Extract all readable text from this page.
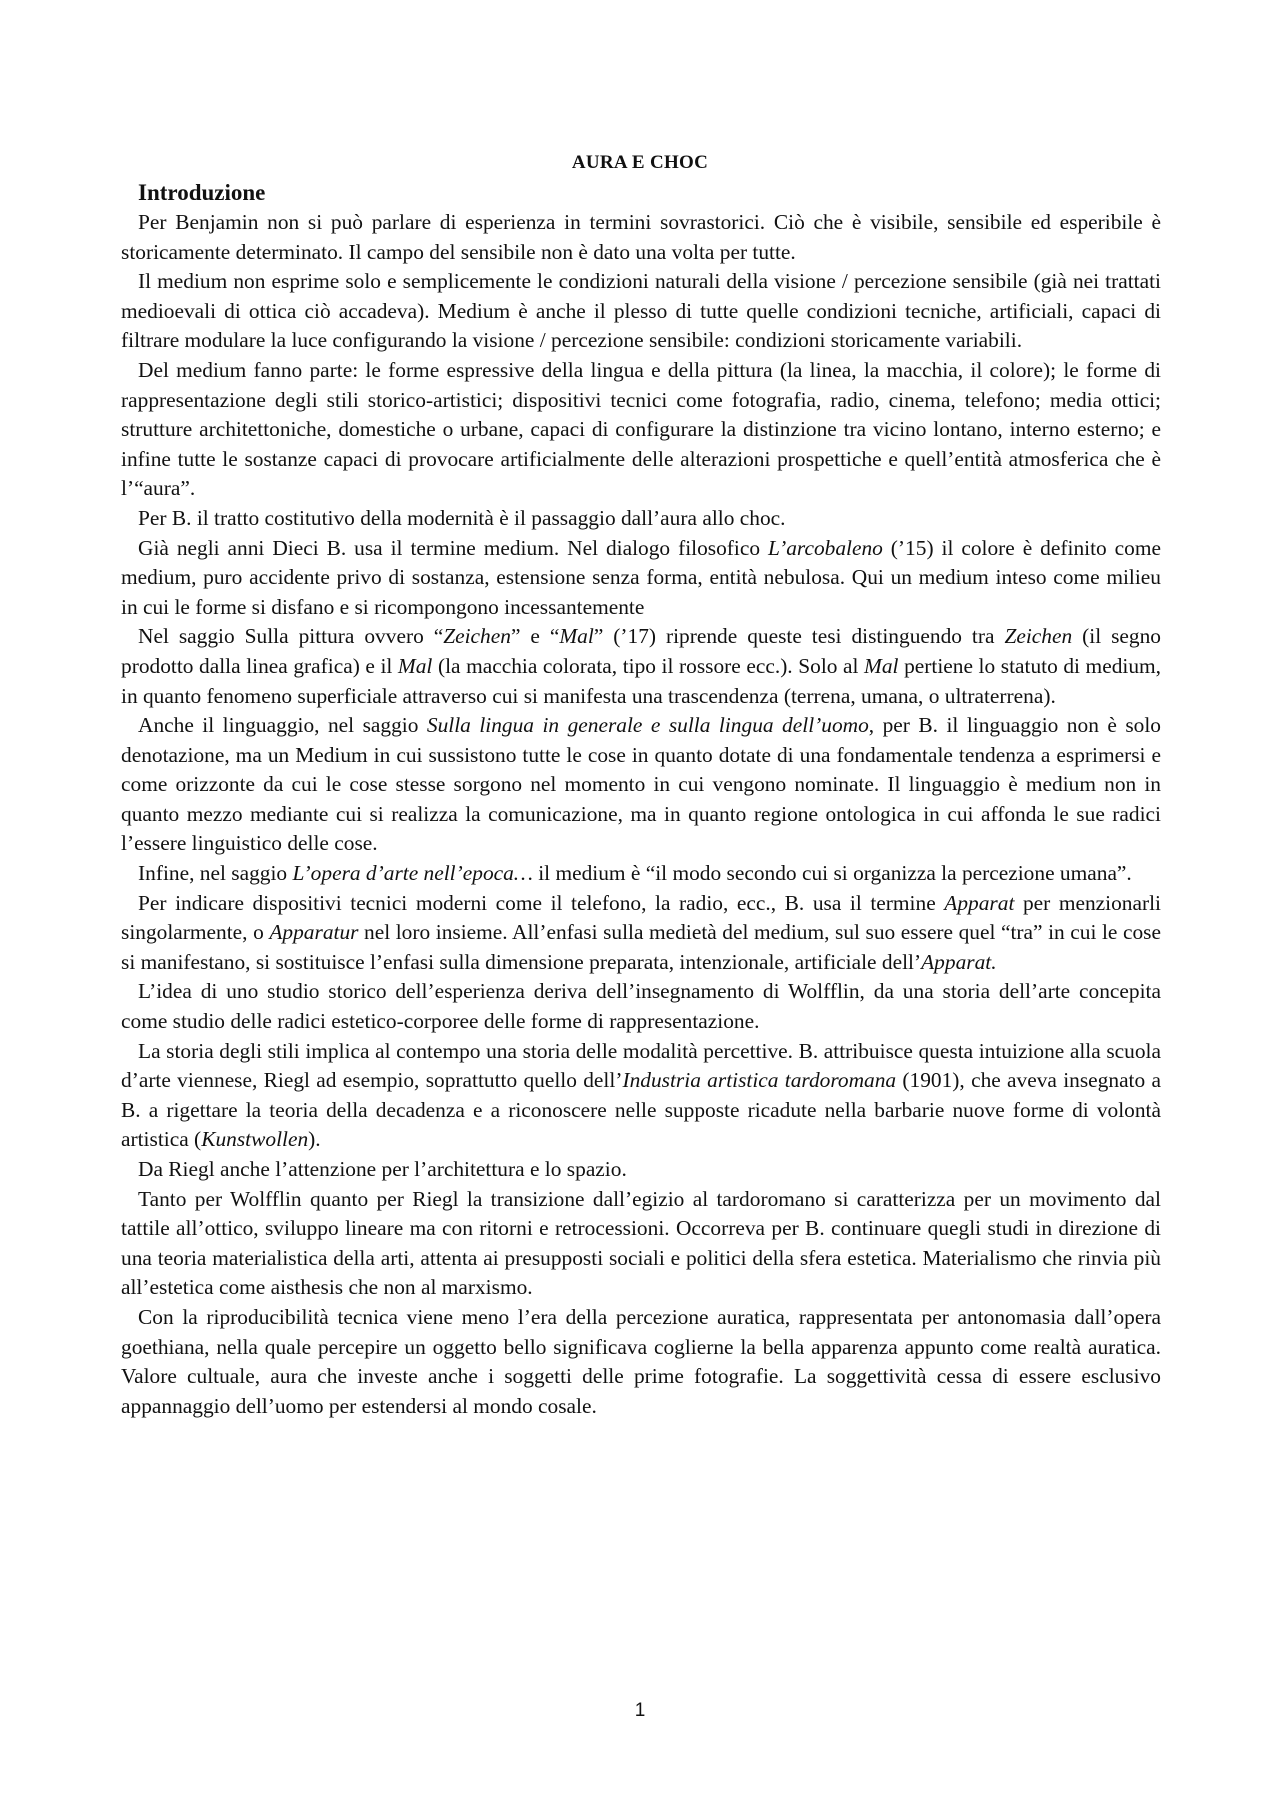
AURA E CHOC
Introduzione

Per Benjamin non si può parlare di esperienza in termini sovrastorici. Ciò che è visibile, sensibile ed esperibile è storicamente determinato. Il campo del sensibile non è dato una volta per tutte.

Il medium non esprime solo e semplicemente le condizioni naturali della visione / percezione sensibile (già nei trattati medioevali di ottica ciò accadeva). Medium è anche il plesso di tutte quelle condizioni tecniche, artificiali, capaci di filtrare modulare la luce configurando la visione / percezione sensibile: condizioni storicamente variabili.

Del medium fanno parte: le forme espressive della lingua e della pittura (la linea, la macchia, il colore); le forme di rappresentazione degli stili storico-artistici; dispositivi tecnici come fotografia, radio, cinema, telefono; media ottici; strutture architettoniche, domestiche o urbane, capaci di configurare la distinzione tra vicino lontano, interno esterno; e infine tutte le sostanze capaci di provocare artificialmente delle alterazioni prospettiche e quell’entità atmosferica che è l’“aura”.

Per B. il tratto costitutivo della modernità è il passaggio dall’aura allo choc.

Già negli anni Dieci B. usa il termine medium. Nel dialogo filosofico L’arcobaleno (’15) il colore è definito come medium, puro accidente privo di sostanza, estensione senza forma, entità nebulosa. Qui un medium inteso come milieu in cui le forme si disfano e si ricompongono incessantemente

Nel saggio Sulla pittura ovvero “Zeichen” e “Mal” (’17) riprende queste tesi distinguendo tra Zeichen (il segno prodotto dalla linea grafica) e il Mal (la macchia colorata, tipo il rossore ecc.). Solo al Mal pertiene lo statuto di medium, in quanto fenomeno superficiale attraverso cui si manifesta una trascendenza (terrena, umana, o ultraterrena).

Anche il linguaggio, nel saggio Sulla lingua in generale e sulla lingua dell’uomo, per B. il linguaggio non è solo denotazione, ma un Medium in cui sussistono tutte le cose in quanto dotate di una fondamentale tendenza a esprimersi e come orizzonte da cui le cose stesse sorgono nel momento in cui vengono nominate. Il linguaggio è medium non in quanto mezzo mediante cui si realizza la comunicazione, ma in quanto regione ontologica in cui affonda le sue radici l’essere linguistico delle cose.

Infine, nel saggio L’opera d’arte nell’epoca… il medium è “il modo secondo cui si organizza la percezione umana”.

Per indicare dispositivi tecnici moderni come il telefono, la radio, ecc., B. usa il termine Apparat per menzionarli singolarmente, o Apparatur nel loro insieme. All’enfasi sulla medietà del medium, sul suo essere quel “tra” in cui le cose si manifestano, si sostituisce l’enfasi sulla dimensione preparata, intenzionale, artificiale dell’Apparat.

L’idea di uno studio storico dell’esperienza deriva dell’insegnamento di Wolfflin, da una storia dell’arte concepita come studio delle radici estetico-corporee delle forme di rappresentazione.

La storia degli stili implica al contempo una storia delle modalità percettive. B. attribuisce questa intuizione alla scuola d’arte viennese, Riegl ad esempio, soprattutto quello dell’Industria artistica tardoromana (1901), che aveva insegnato a B. a rigettare la teoria della decadenza e a riconoscere nelle supposte ricadute nella barbarie nuove forme di volontà artistica (Kunstwollen).

Da Riegl anche l’attenzione per l’architettura e lo spazio.

Tanto per Wolfflin quanto per Riegl la transizione dall’egizio al tardoromano si caratterizza per un movimento dal tattile all’ottico, sviluppo lineare ma con ritorni e retrocessioni. Occorreva per B. continuare quegli studi in direzione di una teoria materialistica della arti, attenta ai presupposti sociali e politici della sfera estetica. Materialismo che rinvia più all’estetica come aisthesis che non al marxismo.

Con la riproducibilità tecnica viene meno l’era della percezione auratica, rappresentata per antonomasia dall’opera goethiana, nella quale percepire un oggetto bello significava coglierne la bella apparenza appunto come realtà auratica. Valore cultuale, aura che investe anche i soggetti delle prime fotografie. La soggettività cessa di essere esclusivo appannaggio dell’uomo per estendersi al mondo cosale.

1
